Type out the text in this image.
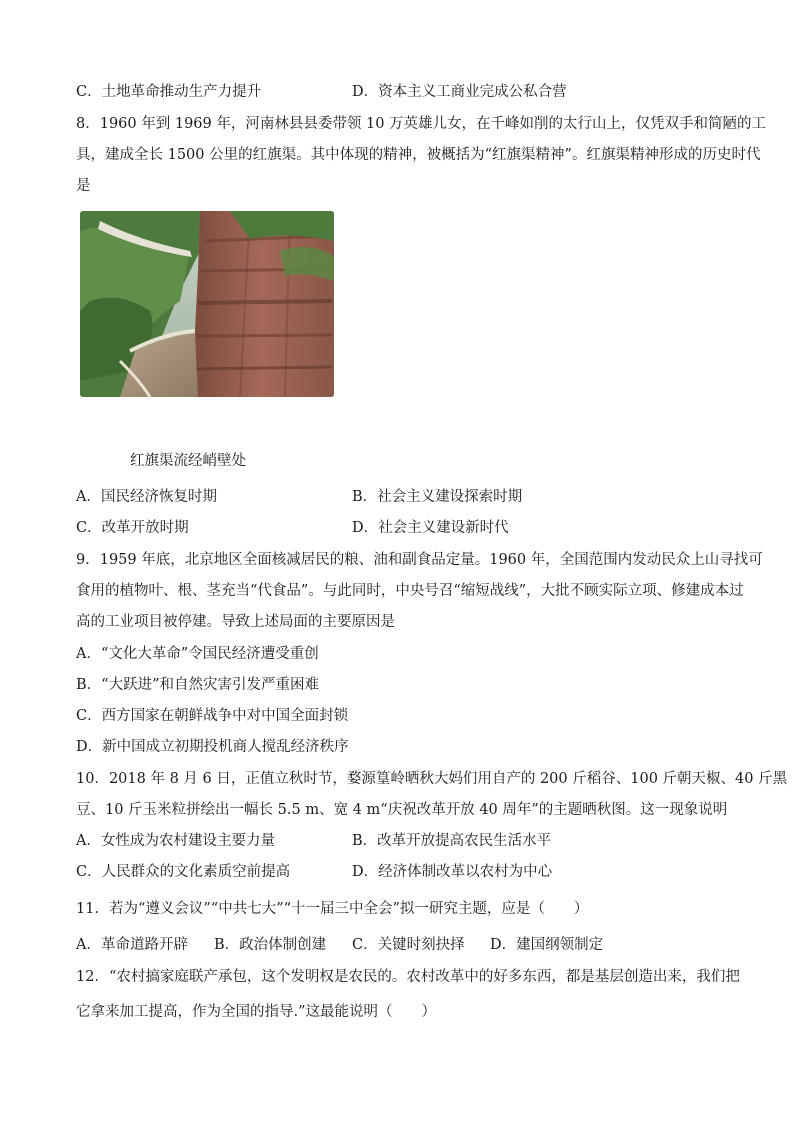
C．土地革命推动生产力提升	D．资本主义工商业完成公私合营
8．1960 年到 1969 年，河南林县县委带领 10 万英雄儿女，在千峰如削的太行山上，仅凭双手和简陋的工
具，建成全长 1500 公里的红旗渠。其中体现的精神，被概括为“红旗渠精神”。红旗渠精神形成的历史时代
是
红旗渠流经峭壁处
A．国民经济恢复时期	B．社会主义建设探索时期
C．改革开放时期	D．社会主义建设新时代
9．1959 年底，北京地区全面核减居民的粮、油和副食品定量。1960 年，全国范围内发动民众上山寻找可
食用的植物叶、根、茎充当“代食品”。与此同时，中央号召“缩短战线”，大批不顾实际立项、修建成本过
高的工业项目被停建。导致上述局面的主要原因是
A．“文化大革命”令国民经济遭受重创
B．“大跃进”和自然灾害引发严重困难
C．西方国家在朝鲜战争中对中国全面封锁
D．新中国成立初期投机商人搅乱经济秩序
10．2018 年 8 月 6 日，正值立秋时节，婺源篁岭晒秋大妈们用自产的 200 斤稻谷、100 斤朝天椒、40 斤黑
豆、10 斤玉米粒拼绘出一幅长 5.5 m、宽 4 m“庆祝改革开放 40 周年”的主题晒秋图。这一现象说明
A．女性成为农村建设主要力量	B．改革开放提高农民生活水平
C．人民群众的文化素质空前提高	D．经济体制改革以农村为中心
11．若为“遵义会议”“中共七大”“十一届三中全会”拟一研究主题，应是（　　）
A．革命道路开辟 B．政治体制创建 C．关键时刻抉择 D．建国纲领制定
12．“农村搞家庭联产承包，这个发明权是农民的。农村改革中的好多东西，都是基层创造出来，我们把
它拿来加工提高，作为全国的指导.”这最能说明（　　）
